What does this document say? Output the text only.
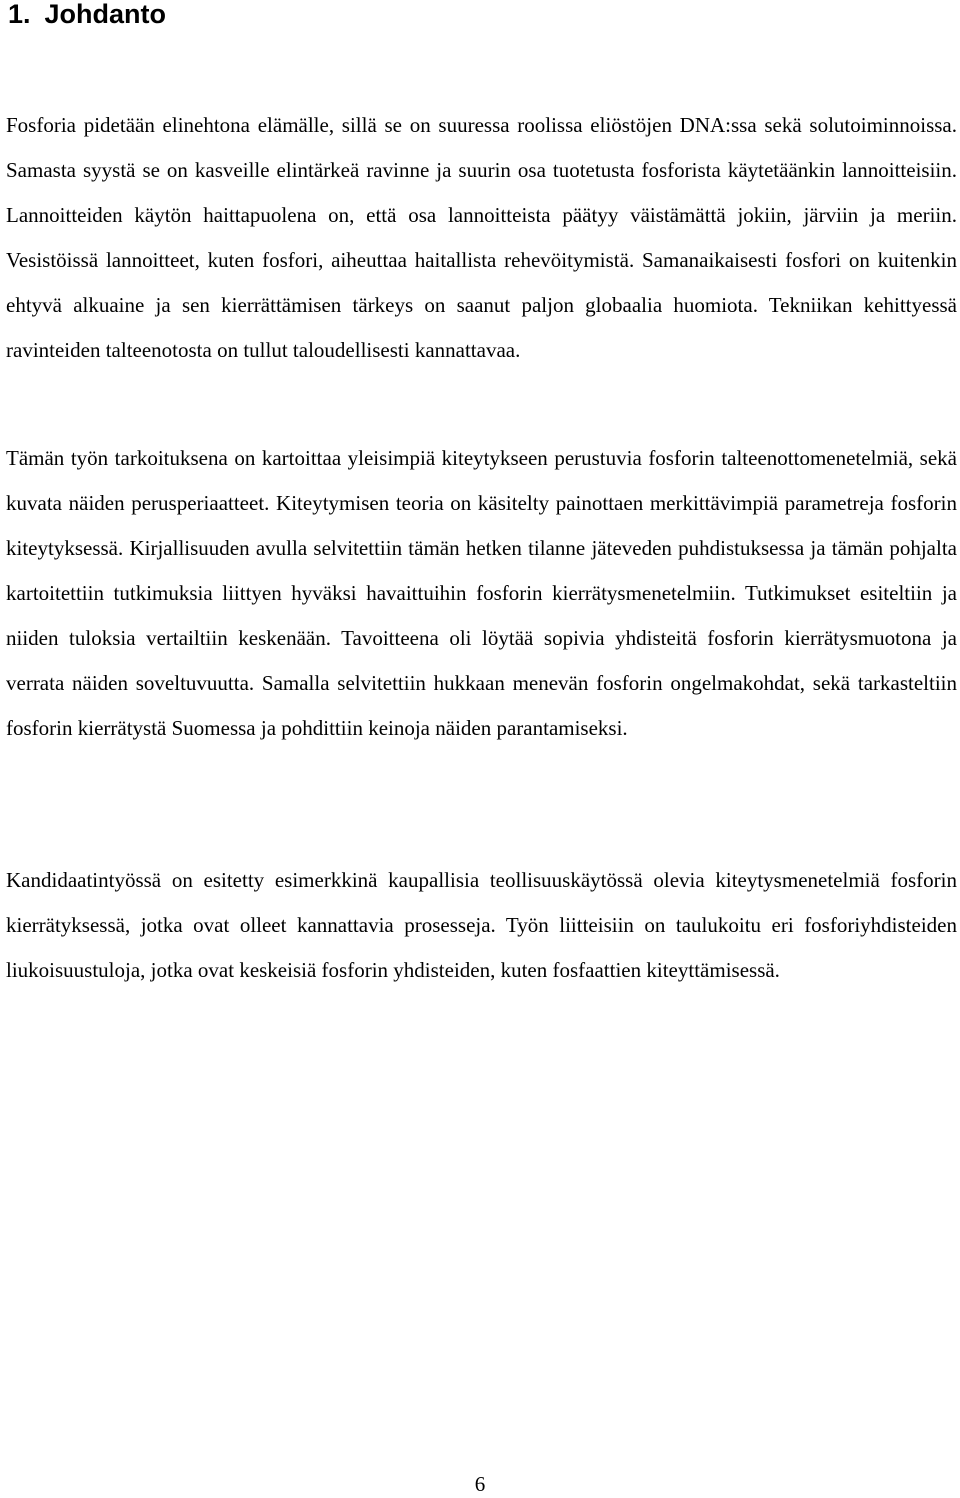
1. Johdanto

Fosforia pidetään elinehtona elämälle, sillä se on suuressa roolissa eliöstöjen DNA:ssa sekä solutoiminnoissa. Samasta syystä se on kasveille elintärkeä ravinne ja suurin osa tuotetusta fosforista käytetäänkin lannoitteisiin. Lannoitteiden käytön haittapuolena on, että osa lannoitteista päätyy väistämättä jokiin, järviin ja meriin. Vesistöissä lannoitteet, kuten fosfori, aiheuttaa haitallista rehevöitymistä. Samanaikaisesti fosfori on kuitenkin ehtyvä alkuaine ja sen kierrättämisen tärkeys on saanut paljon globaalia huomiota. Tekniikan kehittyessä ravinteiden talteenotosta on tullut taloudellisesti kannattavaa.

Tämän työn tarkoituksena on kartoittaa yleisimpiä kiteytykseen perustuvia fosforin talteenottomenetelmiä, sekä kuvata näiden perusperiaatteet. Kiteytymisen teoria on käsitelty painottaen merkittävimpiä parametreja fosforin kiteytyksessä. Kirjallisuuden avulla selvitettiin tämän hetken tilanne jäteveden puhdistuksessa ja tämän pohjalta kartoitettiin tutkimuksia liittyen hyväksi havaittuihin fosforin kierrätysmenetelmiin. Tutkimukset esiteltiin ja niiden tuloksia vertailtiin keskenään. Tavoitteena oli löytää sopivia yhdisteitä fosforin kierrätysmuotona ja verrata näiden soveltuvuutta. Samalla selvitettiin hukkaan menevän fosforin ongelmakohdat, sekä tarkasteltiin fosforin kierrätystä Suomessa ja pohdittiin keinoja näiden parantamiseksi.

Kandidaatintyössä on esitetty esimerkkinä kaupallisia teollisuuskäytössä olevia kiteytysmenetelmiä fosforin kierrätyksessä, jotka ovat olleet kannattavia prosesseja. Työn liitteisiin on taulukoitu eri fosforiyhdisteiden liukoisuustuloja, jotka ovat keskeisiä fosforin yhdisteiden, kuten fosfaattien kiteyttämisessä.

6
